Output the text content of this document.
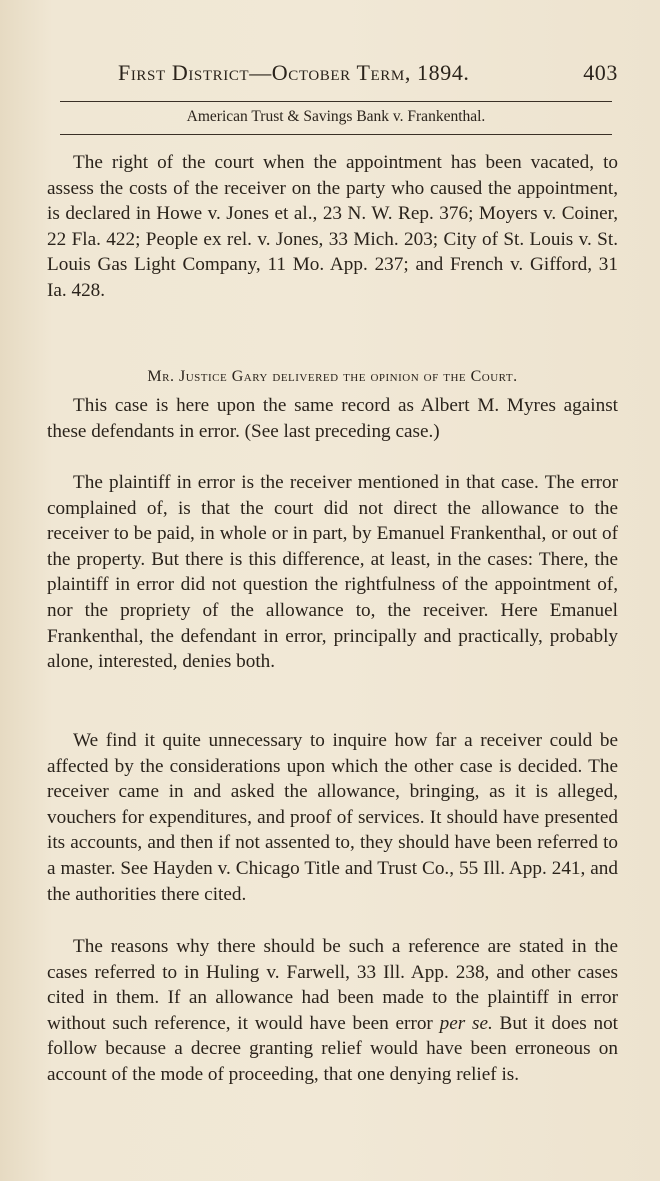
First District—October Term, 1894.	403
American Trust & Savings Bank v. Frankenthal.

The right of the court when the appointment has been vacated, to assess the costs of the receiver on the party who caused the appointment, is declared in Howe v. Jones et al., 23 N. W. Rep. 376; Moyers v. Coiner, 22 Fla. 422; People ex rel. v. Jones, 33 Mich. 203; City of St. Louis v. St. Louis Gas Light Company, 11 Mo. App. 237; and French v. Gifford, 31 Ia. 428.

Mr. Justice Gary delivered the opinion of the Court.

This case is here upon the same record as Albert M. Myres against these defendants in error. (See last preceding case.)

The plaintiff in error is the receiver mentioned in that case. The error complained of, is that the court did not direct the allowance to the receiver to be paid, in whole or in part, by Emanuel Frankenthal, or out of the property. But there is this difference, at least, in the cases: There, the plaintiff in error did not question the rightfulness of the appointment of, nor the propriety of the allowance to, the receiver. Here Emanuel Frankenthal, the defendant in error, principally and practically, probably alone, interested, denies both.

We find it quite unnecessary to inquire how far a receiver could be affected by the considerations upon which the other case is decided. The receiver came in and asked the allowance, bringing, as it is alleged, vouchers for expenditures, and proof of services. It should have presented its accounts, and then if not assented to, they should have been referred to a master. See Hayden v. Chicago Title and Trust Co., 55 Ill. App. 241, and the authorities there cited.

The reasons why there should be such a reference are stated in the cases referred to in Huling v. Farwell, 33 Ill. App. 238, and other cases cited in them. If an allowance had been made to the plaintiff in error without such reference, it would have been error per se. But it does not follow because a decree granting relief would have been erroneous on account of the mode of proceeding, that one denying relief is.
